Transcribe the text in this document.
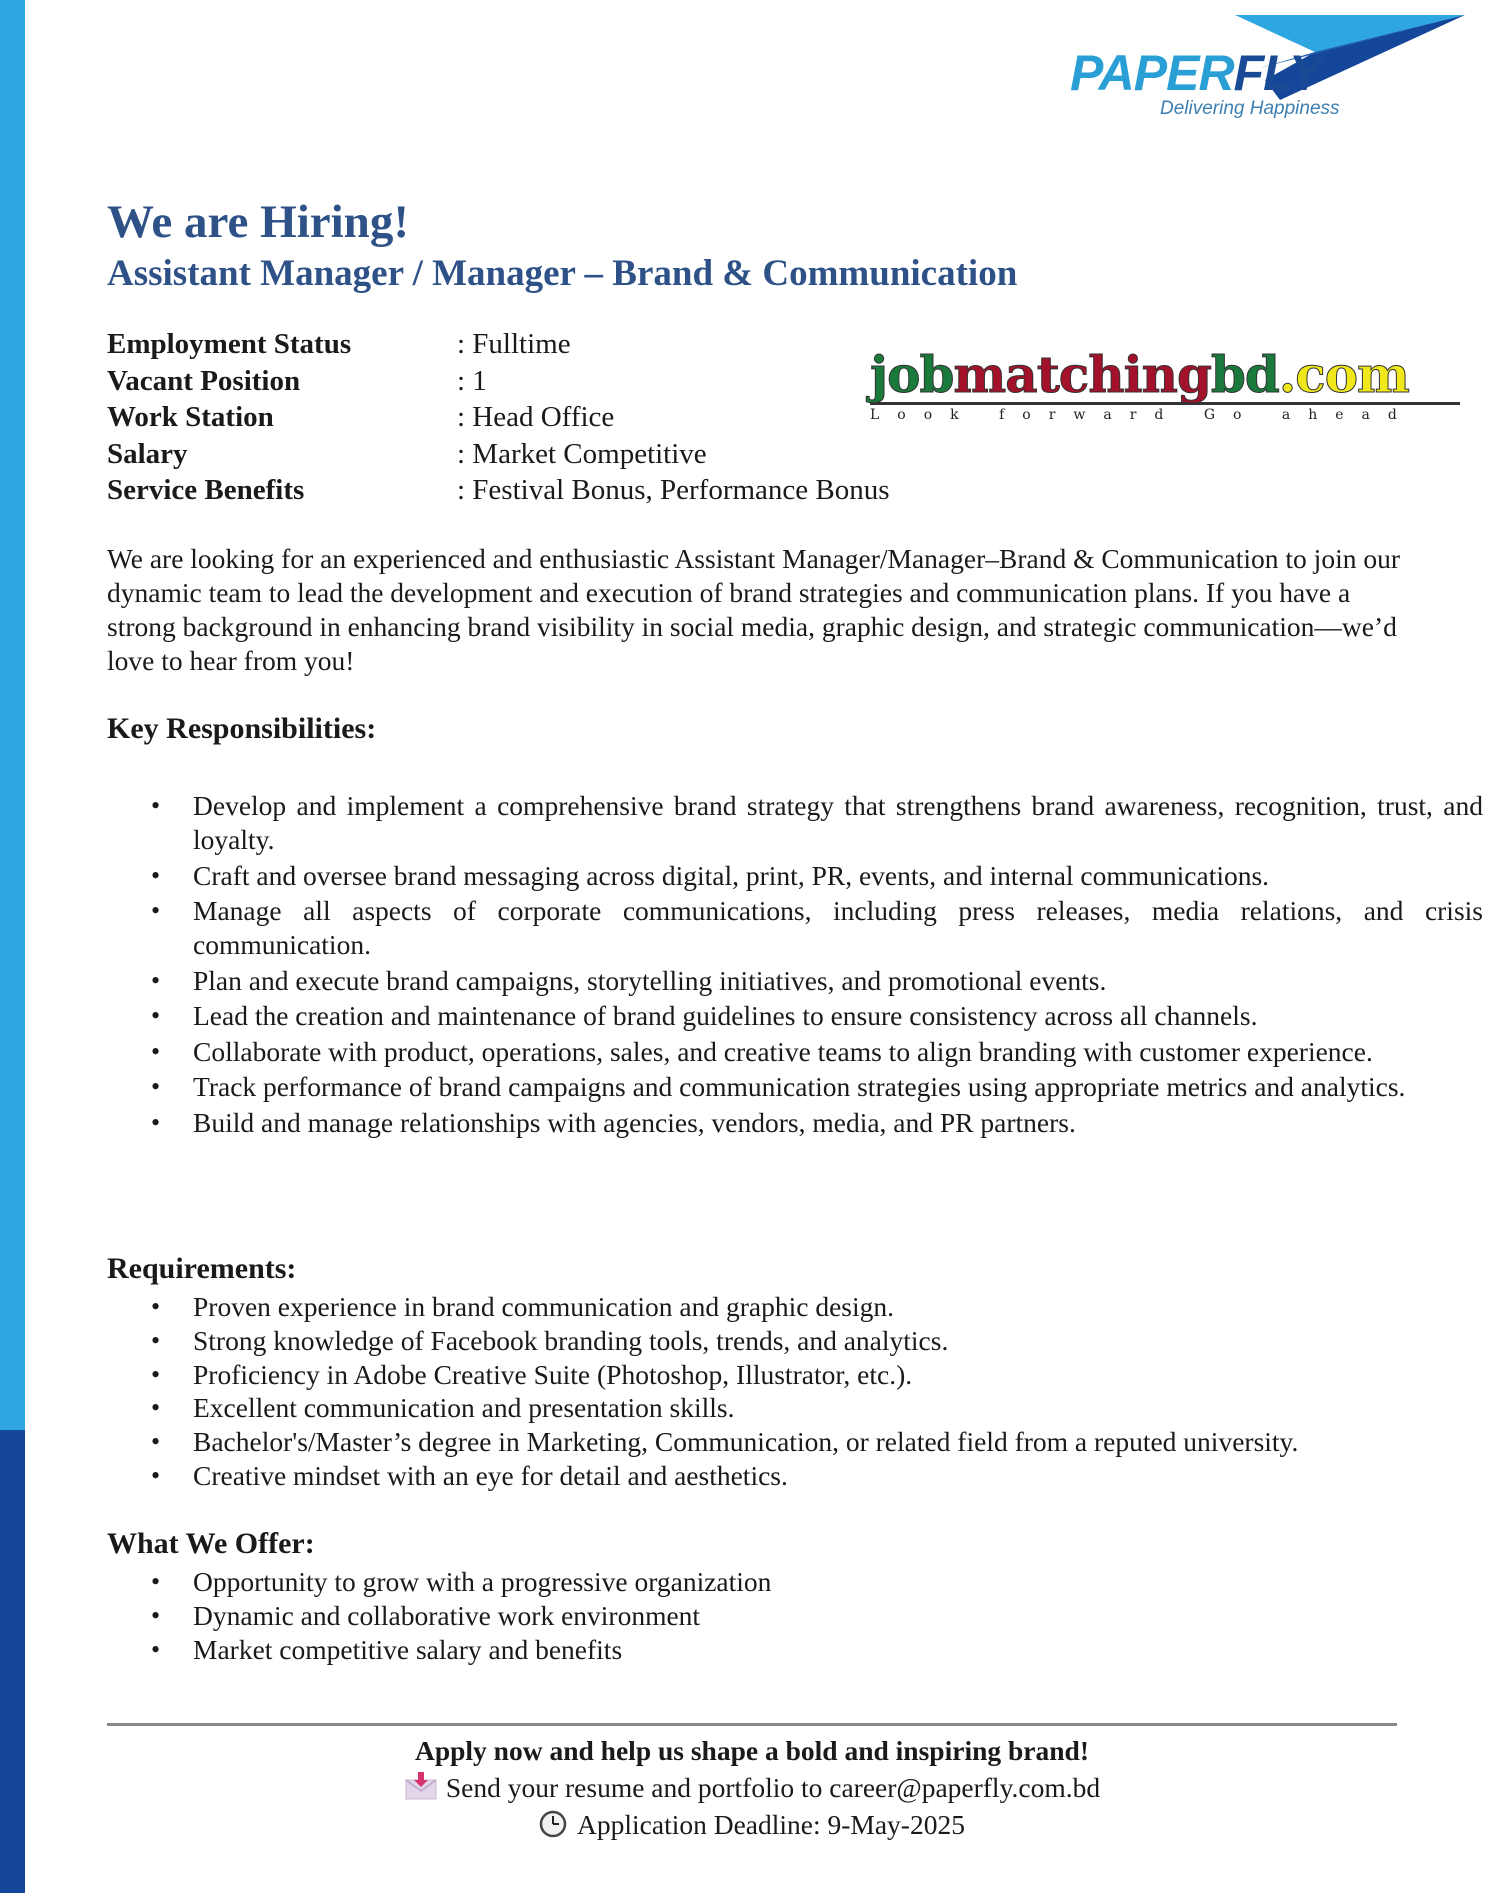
PAPERFLY
Delivering Happiness
jobmatchingbd.com
Look forward Go ahead
We are Hiring!
Assistant Manager / Manager – Brand & Communication
Employment Status	: Fulltime
Vacant Position	: 1
Work Station	: Head Office
Salary	: Market Competitive
Service Benefits	: Festival Bonus, Performance Bonus

We are looking for an experienced and enthusiastic Assistant Manager/Manager–Brand & Communication to join our dynamic team to lead the development and execution of brand strategies and communication plans. If you have a strong background in enhancing brand visibility in social media, graphic design, and strategic communication—we’d love to hear from you!

Key Responsibilities:
• Develop and implement a comprehensive brand strategy that strengthens brand awareness, recognition, trust, and loyalty.
• Craft and oversee brand messaging across digital, print, PR, events, and internal communications.
• Manage all aspects of corporate communications, including press releases, media relations, and crisis communication.
• Plan and execute brand campaigns, storytelling initiatives, and promotional events.
• Lead the creation and maintenance of brand guidelines to ensure consistency across all channels.
• Collaborate with product, operations, sales, and creative teams to align branding with customer experience.
• Track performance of brand campaigns and communication strategies using appropriate metrics and analytics.
• Build and manage relationships with agencies, vendors, media, and PR partners.
Requirements:
• Proven experience in brand communication and graphic design.
• Strong knowledge of Facebook branding tools, trends, and analytics.
• Proficiency in Adobe Creative Suite (Photoshop, Illustrator, etc.).
• Excellent communication and presentation skills.
• Bachelor's/Master’s degree in Marketing, Communication, or related field from a reputed university.
• Creative mindset with an eye for detail and aesthetics.
What We Offer:
• Opportunity to grow with a progressive organization
• Dynamic and collaborative work environment
• Market competitive salary and benefits
Apply now and help us shape a bold and inspiring brand!
Send your resume and portfolio to career@paperfly.com.bd
Application Deadline: 9-May-2025
